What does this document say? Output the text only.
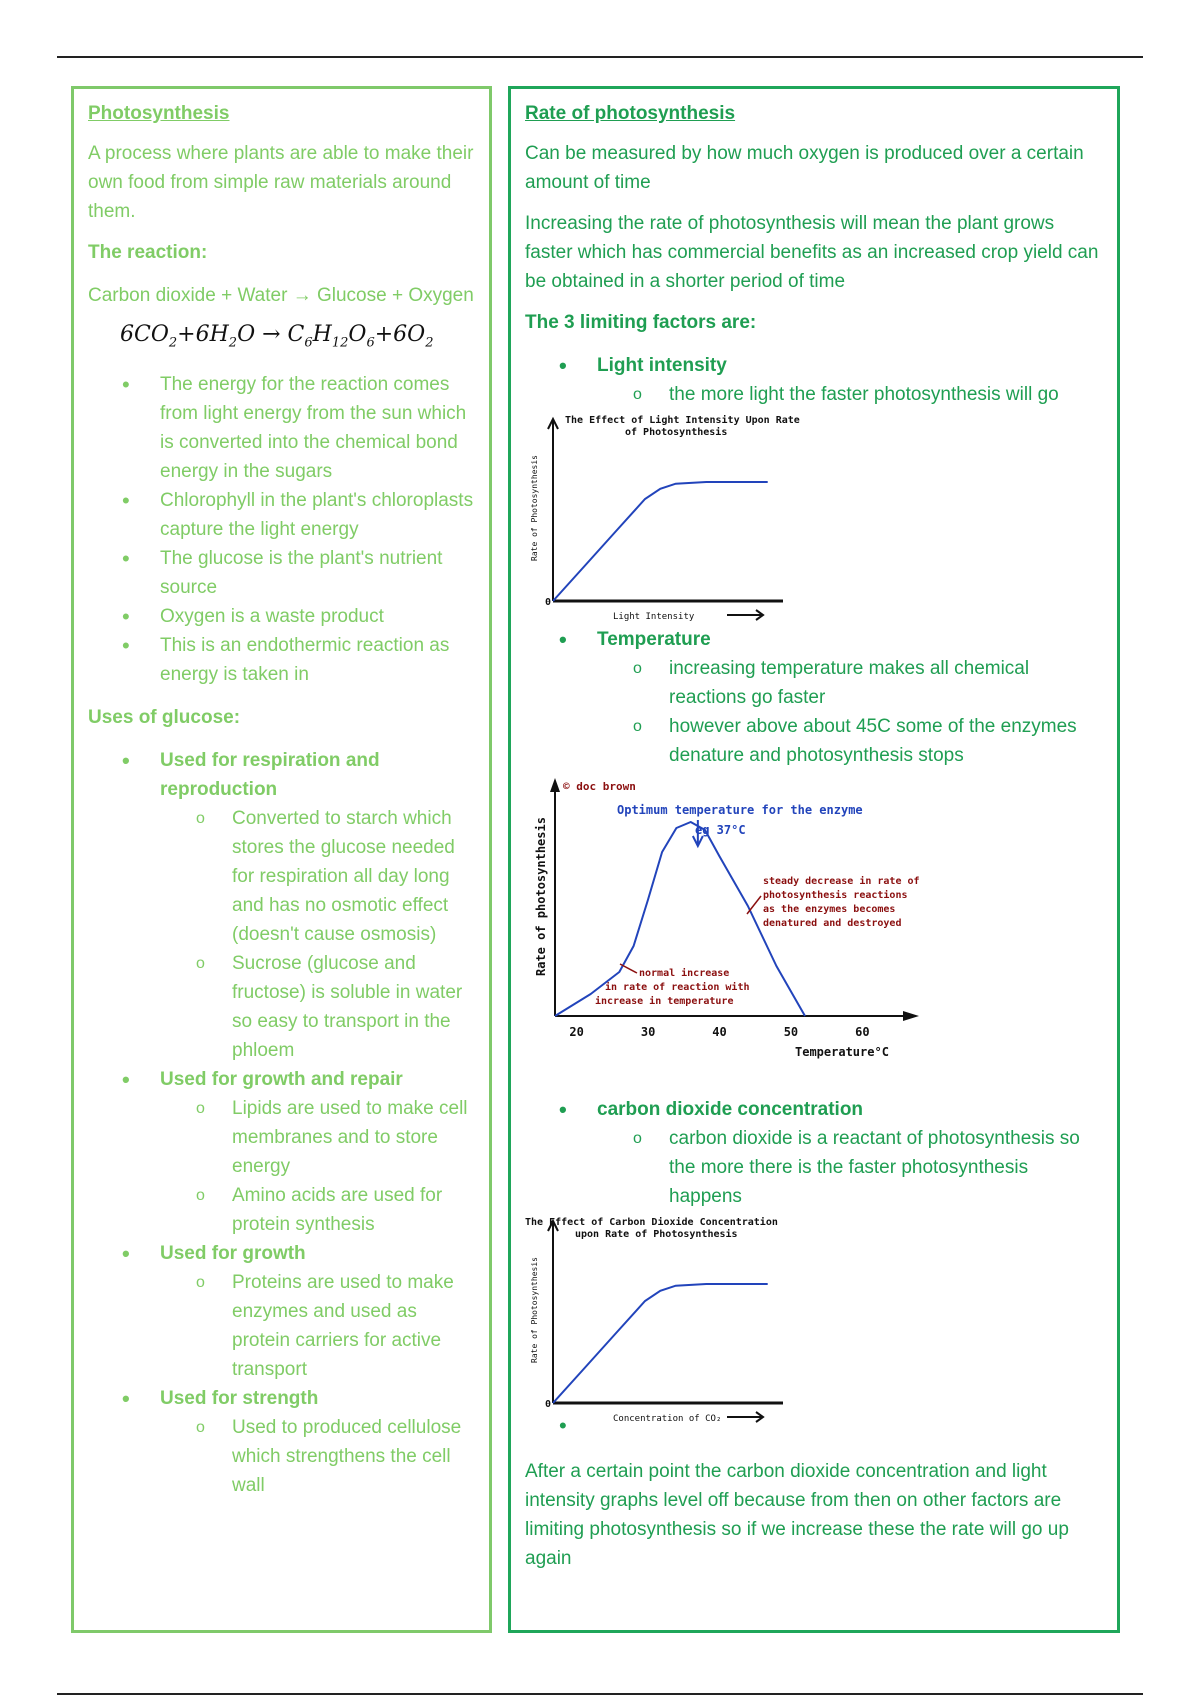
Photosynthesis

A process where plants are able to make their own food from simple raw materials around them.

The reaction:

Carbon dioxide + Water → Glucose + Oxygen

$6CO_2+6H_2O \to C_6H_{12}O_6+6O_2$
• The energy for the reaction comes from light energy from the sun which is converted into the chemical bond energy in the sugars
• Chlorophyll in the plant's chloroplasts capture the light energy
• The glucose is the plant's nutrient source
• Oxygen is a waste product
• This is an endothermic reaction as energy is taken in
Uses of glucose:
• Used for respiration and reproduction
o Converted to starch which stores the glucose needed for respiration all day long and has no osmotic effect (doesn't cause osmosis)
o Sucrose (glucose and fructose) is soluble in water so easy to transport in the phloem
• Used for growth and repair
o Lipids are used to make cell membranes and to store energy
o Amino acids are used for protein synthesis
• Used for growth
o Proteins are used to make enzymes and used as protein carriers for active transport
• Used for strength
o Used to produced cellulose which strengthens the cell wall
Rate of photosynthesis

Can be measured by how much oxygen is produced over a certain amount of time

Increasing the rate of photosynthesis will mean the plant grows faster which has commercial benefits as an increased crop yield can be obtained in a shorter period of time

The 3 limiting factors are:
• Light intensity
o the more light the faster photosynthesis will go
The Effect of Light Intensity Upon Rate
of Photosynthesis
0
Light Intensity
Rate of Photosynthesis
• Temperature
o increasing temperature makes all chemical reactions go faster
o however above about 45C some of the enzymes denature and photosynthesis stops
© doc brown
20	30	40	50	60
Temperature°C
Rate of photosynthesis
Optimum temperature for the enzyme
eg 37°C
steady decrease in rate of
photosynthesis reactions
as the enzymes becomes
denatured and destroyed
normal increase
in rate of reaction with
increase in temperature
• carbon dioxide concentration
o carbon dioxide is a reactant of photosynthesis so the more there is the faster photosynthesis happens
•
The Effect of Carbon Dioxide Concentration
upon Rate of Photosynthesis
0
Concentration of CO₂
Rate of Photosynthesis

After a certain point the carbon dioxide concentration and light intensity graphs level off because from then on other factors are limiting photosynthesis so if we increase these the rate will go up again
